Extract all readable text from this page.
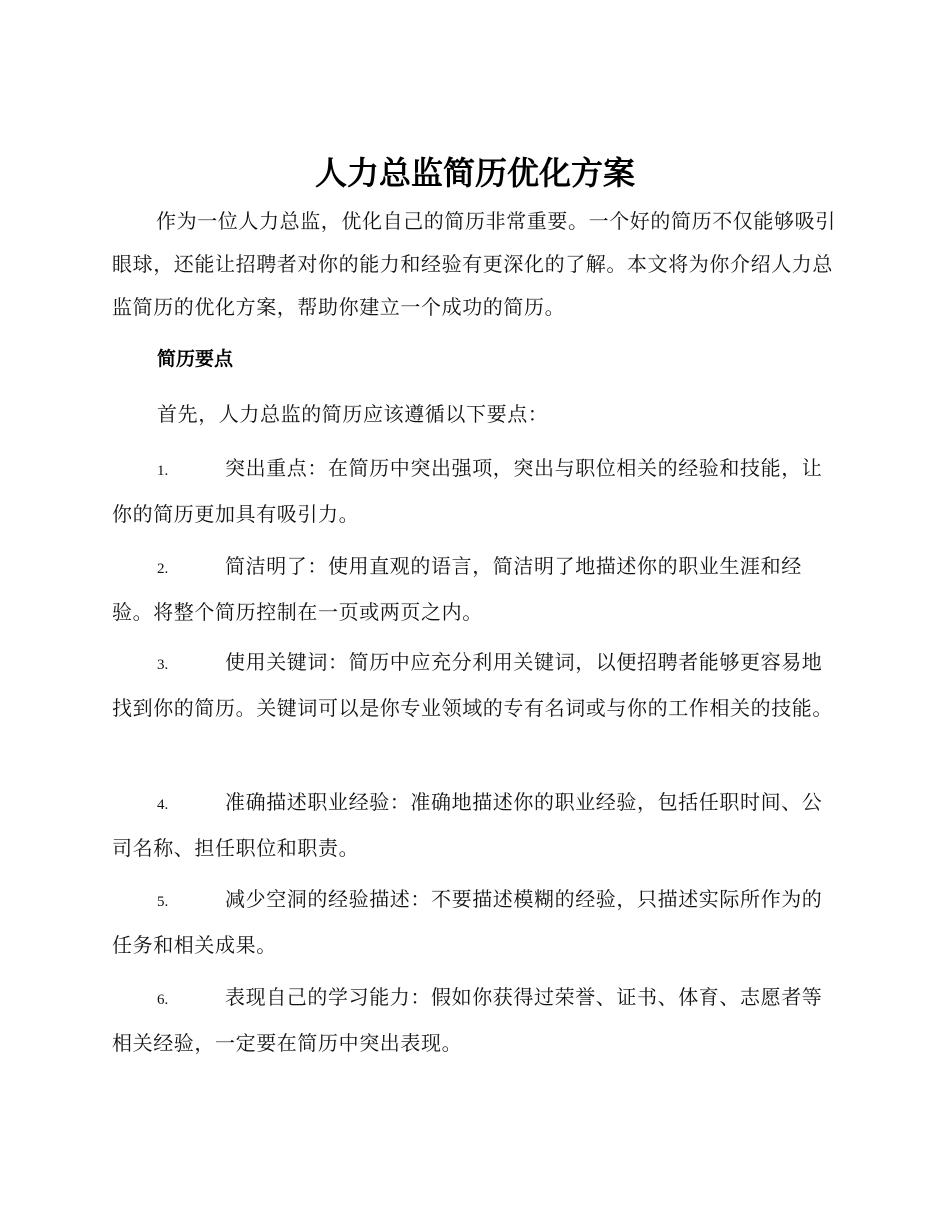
人力总监简历优化方案

作为一位人力总监，优化自己的简历非常重要。一个好的简历不仅能够吸引眼球，还能让招聘者对你的能力和经验有更深化的了解。本文将为你介绍人力总监简历的优化方案，帮助你建立一个成功的简历。

简历要点

首先，人力总监的简历应该遵循以下要点：

1.	突出重点：在简历中突出强项，突出与职位相关的经验和技能，让你的简历更加具有吸引力。

2.	简洁明了：使用直观的语言，简洁明了地描述你的职业生涯和经验。将整个简历控制在一页或两页之内。

3.	使用关键词：简历中应充分利用关键词，以便招聘者能够更容易地找到你的简历。关键词可以是你专业领域的专有名词或与你的工作相关的技能。

4.	准确描述职业经验：准确地描述你的职业经验，包括任职时间、公司名称、担任职位和职责。

5.	减少空洞的经验描述：不要描述模糊的经验，只描述实际所作为的任务和相关成果。

6.	表现自己的学习能力：假如你获得过荣誉、证书、体育、志愿者等相关经验，一定要在简历中突出表现。
